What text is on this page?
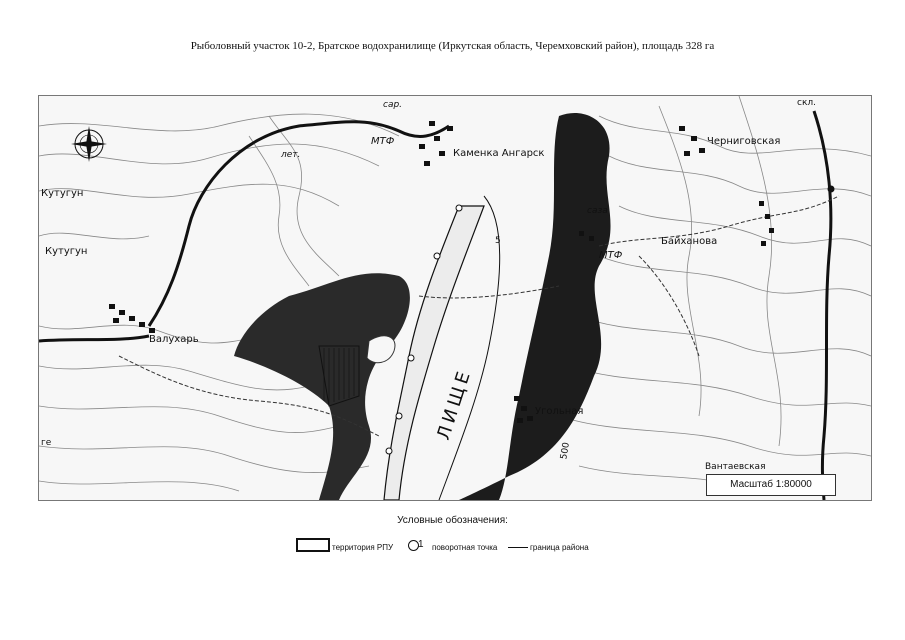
Рыболовный участок 10-2, Братское водохранилище (Иркутская область, Черемховский район), площадь 328 га
Кутугун
Кутугун
Валухарь
МТФ
Каменка Ангарск
Черниговская
Байханова
МТФ
Угольная
Вантаевская
сар.
лет.
скл.
саза
ЛИЩЕ
5
500
ге
Масштаб 1:80000
Условные обозначения:
территория РПУ 1 поворотная точка	граница района
